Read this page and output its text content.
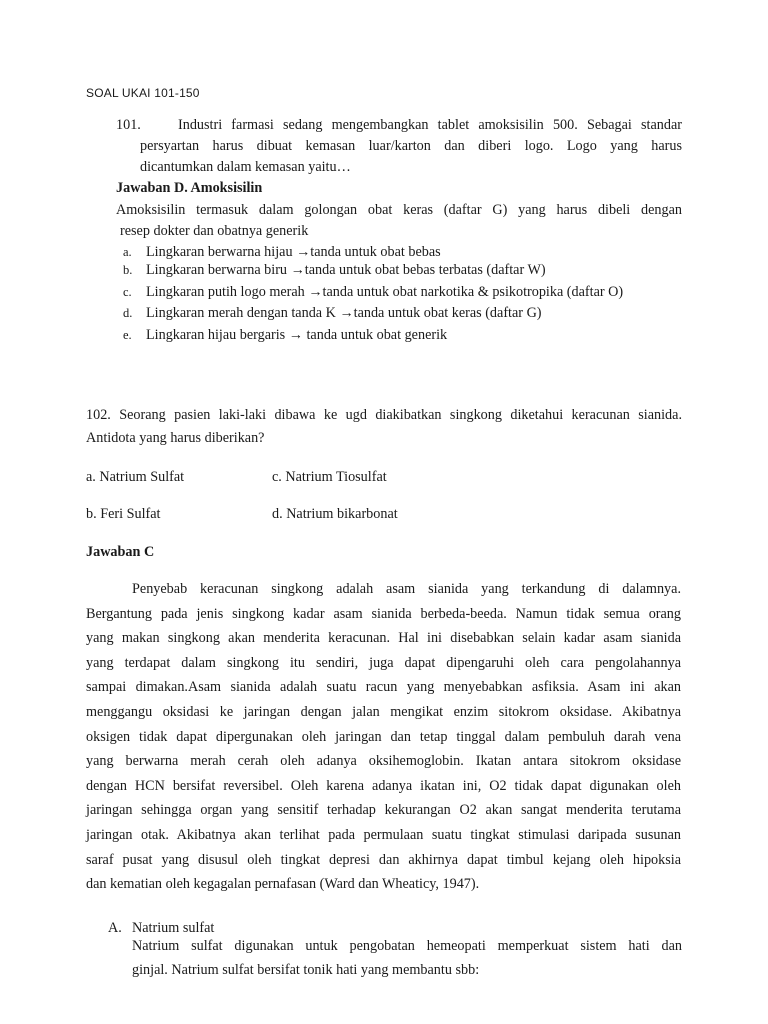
SOAL UKAI 101-150
101.	Industri farmasi sedang mengembangkan tablet amoksisilin 500. Sebagai standar
persyartan harus dibuat kemasan luar/karton dan diberi logo. Logo yang harus
dicantumkan dalam kemasan yaitu…
Jawaban D. Amoksisilin
Amoksisilin termasuk dalam golongan obat keras (daftar G) yang harus dibeli dengan
resep dokter dan obatnya generik
a. Lingkaran berwarna hijau →tanda untuk obat bebas
b. Lingkaran berwarna biru →tanda untuk obat bebas terbatas (daftar W)
c. Lingkaran putih logo merah →tanda untuk obat narkotika & psikotropika (daftar O)
d. Lingkaran merah dengan tanda K →tanda untuk obat keras (daftar G)
e. Lingkaran hijau bergaris → tanda untuk obat generik
102. Seorang pasien laki-laki dibawa ke ugd diakibatkan singkong diketahui keracunan sianida.
Antidota yang harus diberikan?
a. Natrium Sulfat	c. Natrium Tiosulfat
b. Feri Sulfat	d. Natrium bikarbonat
Jawaban C
Penyebab keracunan singkong adalah asam sianida yang terkandung di dalamnya.
Bergantung pada jenis singkong kadar asam sianida berbeda-beeda. Namun tidak semua orang
yang makan singkong akan menderita keracunan. Hal ini disebabkan selain kadar asam sianida
yang terdapat dalam singkong itu sendiri, juga dapat dipengaruhi oleh cara pengolahannya
sampai dimakan.Asam sianida adalah suatu racun yang menyebabkan asfiksia. Asam ini akan
menggangu oksidasi ke jaringan dengan jalan mengikat enzim sitokrom oksidase. Akibatnya
oksigen tidak dapat dipergunakan oleh jaringan dan tetap tinggal dalam pembuluh darah vena
yang berwarna merah cerah oleh adanya oksihemoglobin. Ikatan antara sitokrom oksidase
dengan HCN bersifat reversibel. Oleh karena adanya ikatan ini, O2 tidak dapat digunakan oleh
jaringan sehingga organ yang sensitif terhadap kekurangan O2 akan sangat menderita terutama
jaringan otak. Akibatnya akan terlihat pada permulaan suatu tingkat stimulasi daripada susunan
saraf pusat yang disusul oleh tingkat depresi dan akhirnya dapat timbul kejang oleh hipoksia
dan kematian oleh kegagalan pernafasan (Ward dan Wheaticy, 1947).
A. Natrium sulfat
Natrium sulfat digunakan untuk pengobatan hemeopati memperkuat sistem hati dan
ginjal. Natrium sulfat bersifat tonik hati yang membantu sbb:
